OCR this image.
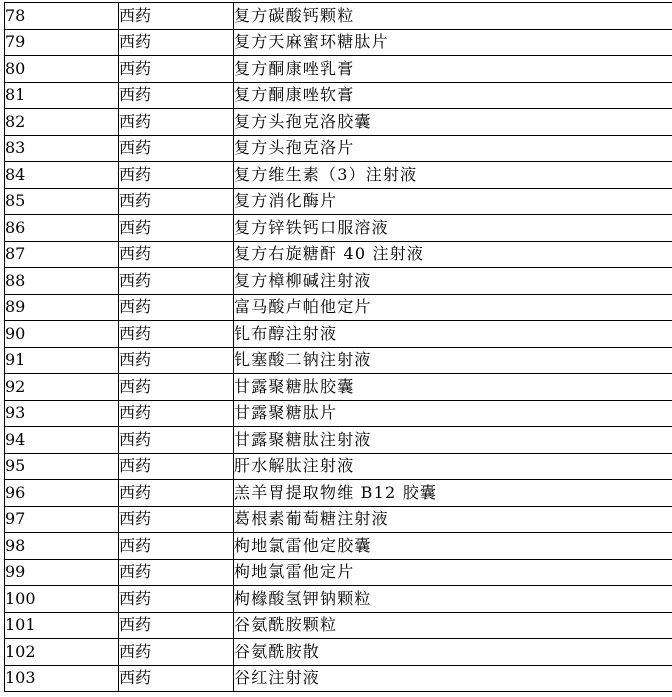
78	西药	复方碳酸钙颗粒
79	西药	复方天麻蜜环糖肽片
80	西药	复方酮康唑乳膏
81	西药	复方酮康唑软膏
82	西药	复方头孢克洛胶囊
83	西药	复方头孢克洛片
84	西药	复方维生素（3）注射液
85	西药	复方消化酶片
86	西药	复方锌铁钙口服溶液
87	西药	复方右旋糖酐 40 注射液
88	西药	复方樟柳碱注射液
89	西药	富马酸卢帕他定片
90	西药	钆布醇注射液
91	西药	钆塞酸二钠注射液
92	西药	甘露聚糖肽胶囊
93	西药	甘露聚糖肽片
94	西药	甘露聚糖肽注射液
95	西药	肝水解肽注射液
96	西药	羔羊胃提取物维 B12 胶囊
97	西药	葛根素葡萄糖注射液
98	西药	枸地氯雷他定胶囊
99	西药	枸地氯雷他定片
100	西药	枸橼酸氢钾钠颗粒
101	西药	谷氨酰胺颗粒
102	西药	谷氨酰胺散
103	西药	谷红注射液
